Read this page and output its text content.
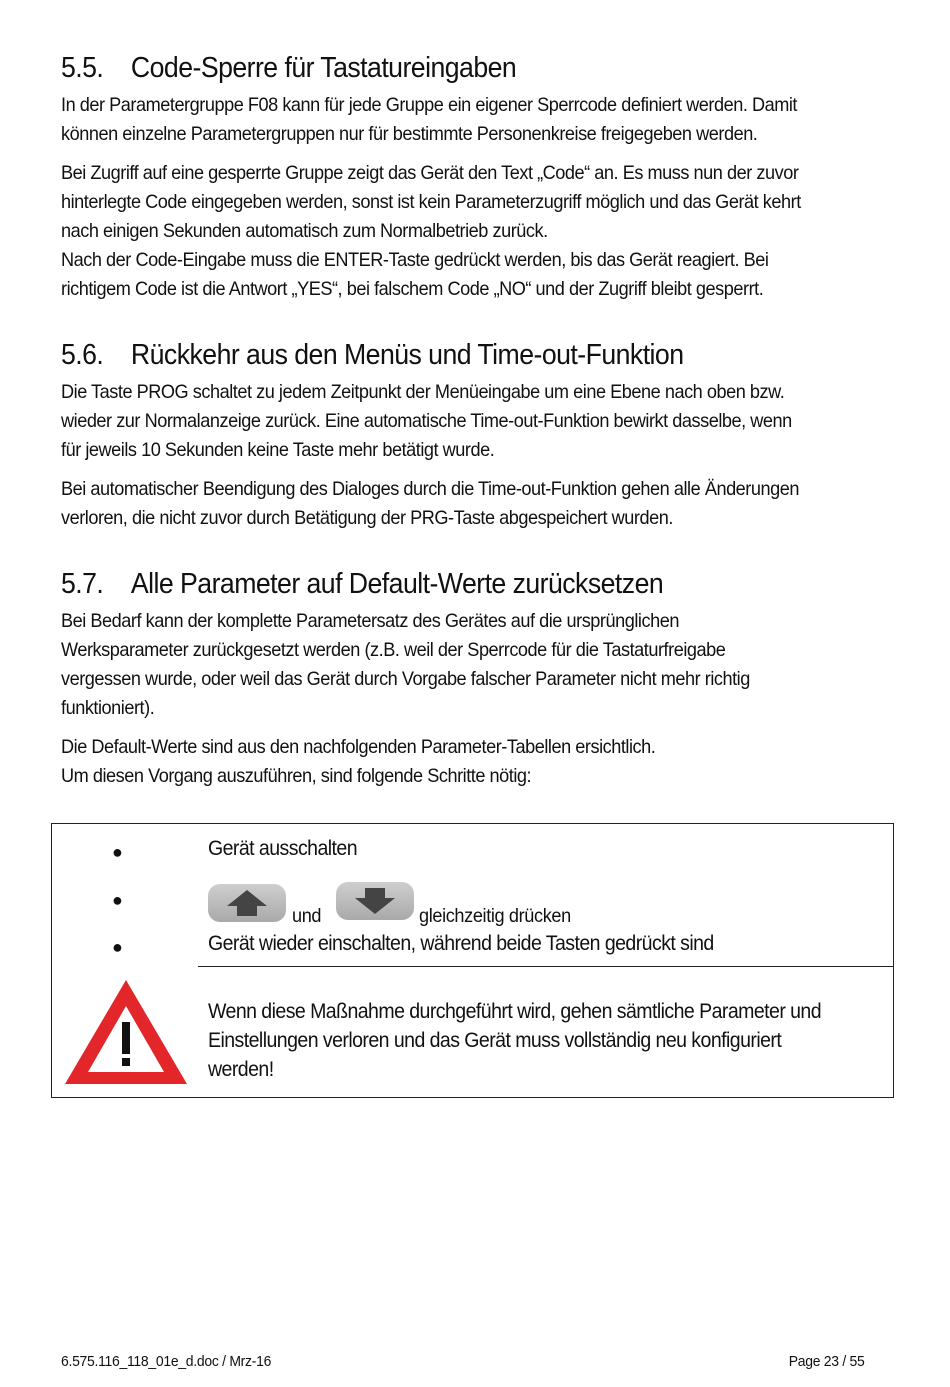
5.5. Code-Sperre für Tastatureingaben

In der Parametergruppe F08 kann für jede Gruppe ein eigener Sperrcode definiert werden. Damit
können einzelne Parametergruppen nur für bestimmte Personenkreise freigegeben werden.

Bei Zugriff auf eine gesperrte Gruppe zeigt das Gerät den Text „Code“ an. Es muss nun der zuvor
hinterlegte Code eingegeben werden, sonst ist kein Parameterzugriff möglich und das Gerät kehrt
nach einigen Sekunden automatisch zum Normalbetrieb zurück.
Nach der Code-Eingabe muss die ENTER-Taste gedrückt werden, bis das Gerät reagiert. Bei
richtigem Code ist die Antwort „YES“, bei falschem Code „NO“ und der Zugriff bleibt gesperrt.

5.6. Rückkehr aus den Menüs und Time-out-Funktion

Die Taste PROG schaltet zu jedem Zeitpunkt der Menüeingabe um eine Ebene nach oben bzw.
wieder zur Normalanzeige zurück. Eine automatische Time-out-Funktion bewirkt dasselbe, wenn
für jeweils 10 Sekunden keine Taste mehr betätigt wurde.

Bei automatischer Beendigung des Dialoges durch die Time-out-Funktion gehen alle Änderungen
verloren, die nicht zuvor durch Betätigung der PRG-Taste abgespeichert wurden.

5.7. Alle Parameter auf Default-Werte zurücksetzen

Bei Bedarf kann der komplette Parametersatz des Gerätes auf die ursprünglichen
Werksparameter zurückgesetzt werden (z.B. weil der Sperrcode für die Tastaturfreigabe
vergessen wurde, oder weil das Gerät durch Vorgabe falscher Parameter nicht mehr richtig
funktioniert).

Die Default-Werte sind aus den nachfolgenden Parameter-Tabellen ersichtlich.
Um diesen Vorgang auszuführen, sind folgende Schritte nötig:

●	Gerät ausschalten
●
und	gleichzeitig drücken
●	Gerät wieder einschalten, während beide Tasten gedrückt sind
Wenn diese Maßnahme durchgeführt wird, gehen sämtliche Parameter und
Einstellungen verloren und das Gerät muss vollständig neu konfiguriert
werden!
6.575.116_118_01e_d.doc / Mrz-16	Page 23 / 55
